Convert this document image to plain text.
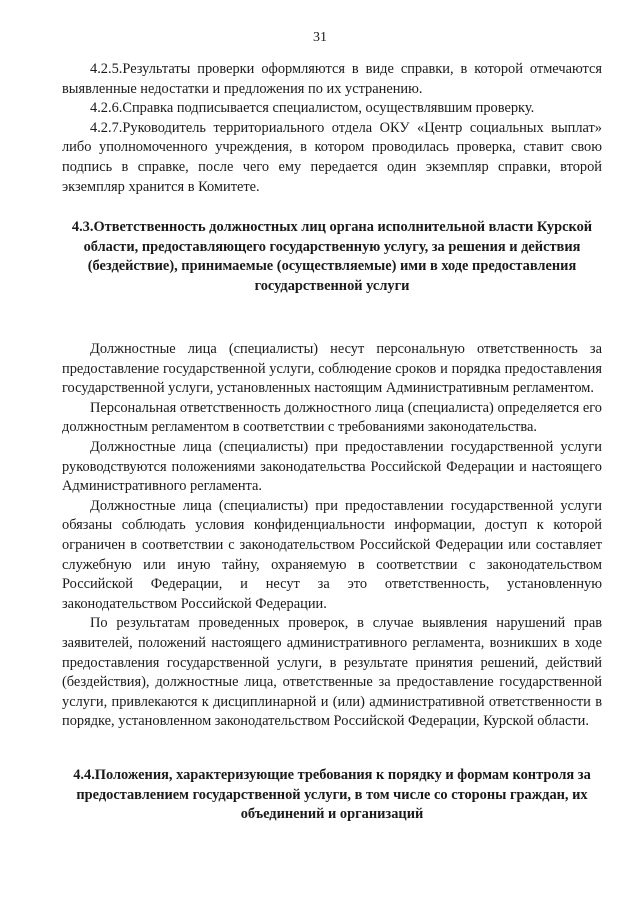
31

4.2.5.Результаты проверки оформляются в виде справки, в которой отмечаются выявленные недостатки и предложения по их устранению.

4.2.6.Справка подписывается специалистом, осуществлявшим проверку.

4.2.7.Руководитель территориального отдела ОКУ «Центр социальных выплат» либо уполномоченного учреждения, в котором проводилась проверка, ставит свою подпись в справке, после чего ему передается один экземпляр справки, второй экземпляр хранится в Комитете.

4.3.Ответственность должностных лиц органа исполнительной власти Курской области, предоставляющего государственную услугу, за решения и действия (бездействие), принимаемые (осуществляемые) ими в ходе предоставления государственной услуги

Должностные лица (специалисты) несут персональную ответственность за предоставление государственной услуги, соблюдение сроков и порядка предоставления государственной услуги, установленных настоящим Административным регламентом.

Персональная ответственность должностного лица (специалиста) определяется его должностным регламентом в соответствии с требованиями законодательства.

Должностные лица (специалисты) при предоставлении государственной услуги руководствуются положениями законодательства Российской Федерации и настоящего Административного регламента.

Должностные лица (специалисты) при предоставлении государственной услуги обязаны соблюдать условия конфиденциальности информации, доступ к которой ограничен в соответствии с законодательством Российской Федерации или составляет служебную или иную тайну, охраняемую в соответствии с законодательством Российской Федерации, и несут за это ответственность, установленную законодательством Российской Федерации.

По результатам проведенных проверок, в случае выявления нарушений прав заявителей, положений настоящего административного регламента, возникших в ходе предоставления государственной услуги, в результате принятия решений, действий (бездействия), должностные лица, ответственные за предоставление государственной услуги, привлекаются к дисциплинарной и (или) административной ответственности в порядке, установленном законодательством Российской Федерации, Курской области.

4.4.Положения, характеризующие требования к порядку и формам контроля за предоставлением государственной услуги, в том числе со стороны граждан, их объединений и организаций
